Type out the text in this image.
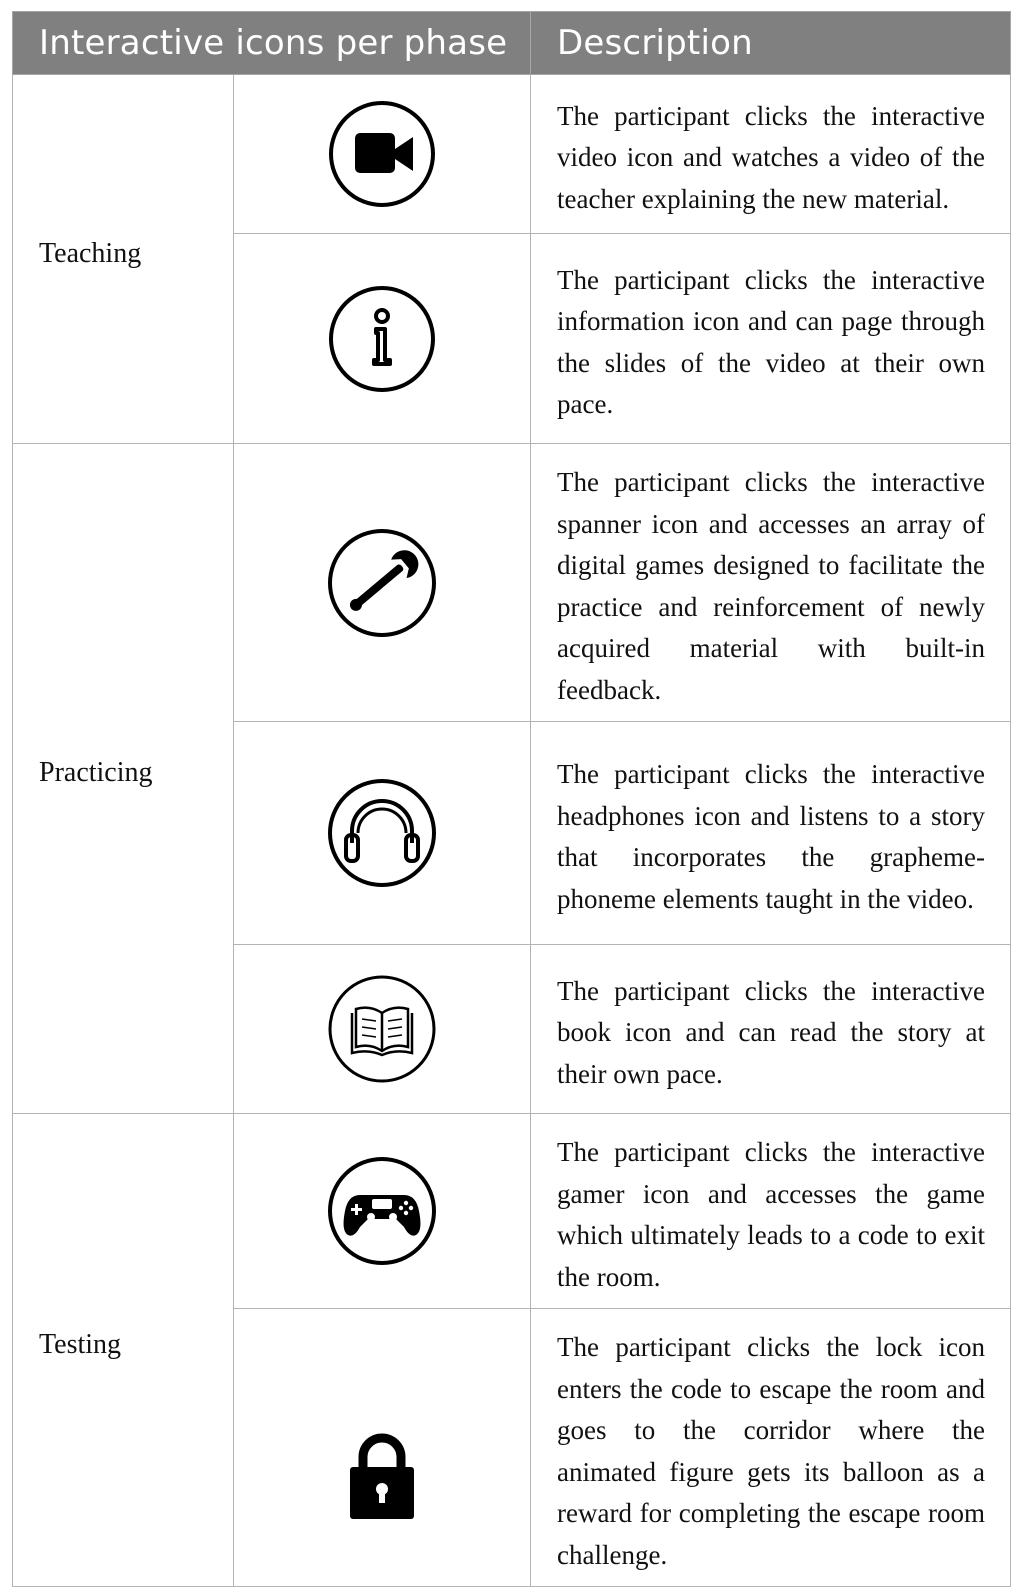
Interactive icons per phase		Description
Teaching		The participant clicks the interactive video icon and watches a video of the teacher explaining the new material.

	The participant clicks the interactive information icon and can page through the slides of the video at their own pace.
Practicing		The participant clicks the interactive spanner icon and accesses an array of digital games designed to facilitate the practice and reinforcement of newly acquired material with built-in feedback.

	The participant clicks the interactive headphones icon and listens to a story that incorporates the grapheme-phoneme elements taught in the video.

	The participant clicks the interactive book icon and can read the story at their own pace.
Testing		The participant clicks the interactive gamer icon and accesses the game which ultimately leads to a code to exit the room.

	The participant clicks the lock icon enters the code to escape the room and goes to the corridor where the animated figure gets its balloon as a reward for completing the escape room challenge.
